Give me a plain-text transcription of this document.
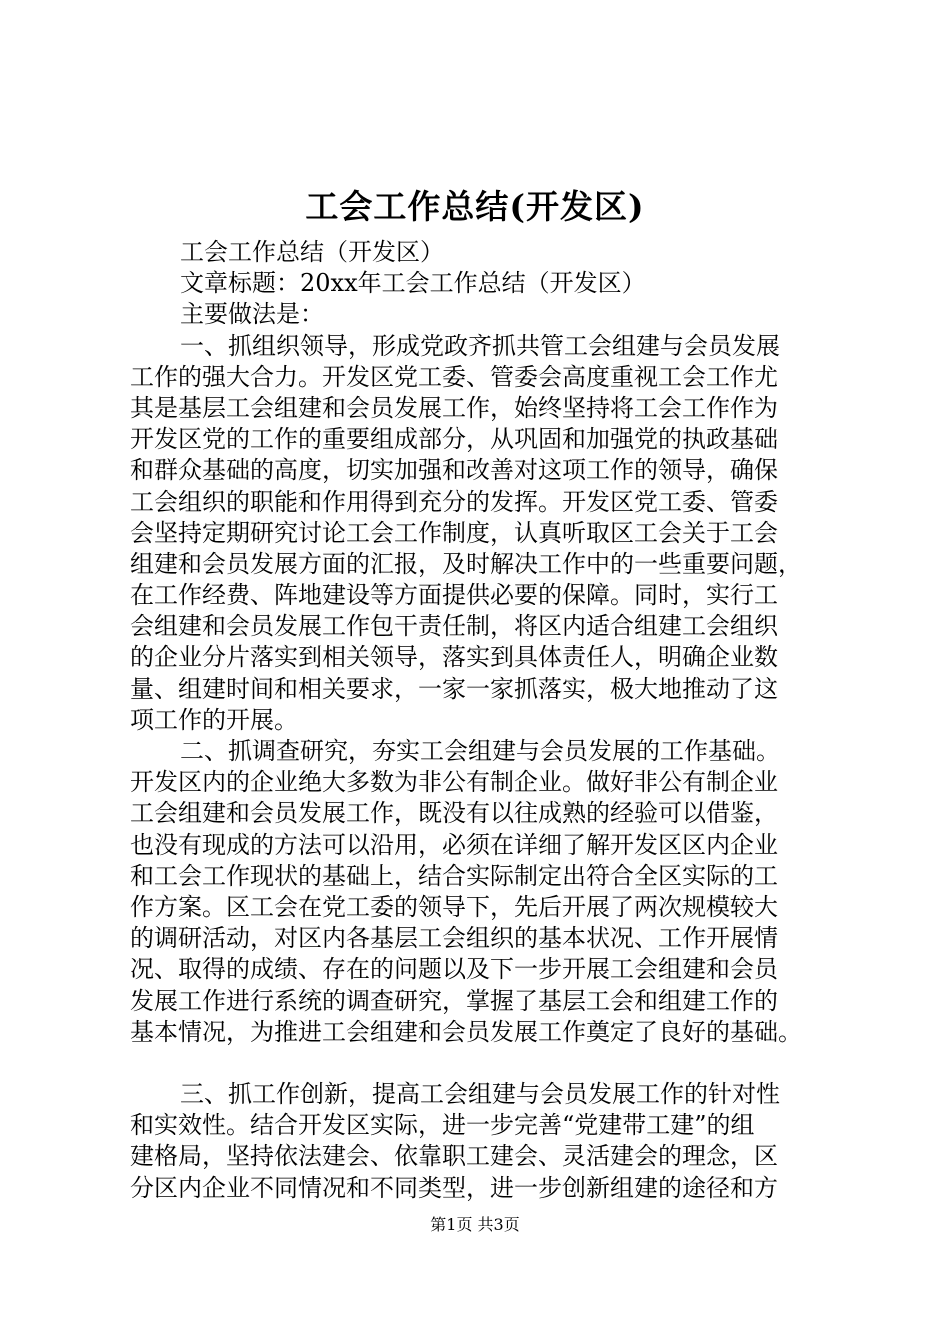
工会工作总结(开发区)
工会工作总结（开发区）
文章标题：20xx年工会工作总结（开发区）
主要做法是：
一、抓组织领导，形成党政齐抓共管工会组建与会员发展
工作的强大合力。开发区党工委、管委会高度重视工会工作尤
其是基层工会组建和会员发展工作，始终坚持将工会工作作为
开发区党的工作的重要组成部分，从巩固和加强党的执政基础
和群众基础的高度，切实加强和改善对这项工作的领导，确保
工会组织的职能和作用得到充分的发挥。开发区党工委、管委
会坚持定期研究讨论工会工作制度，认真听取区工会关于工会
组建和会员发展方面的汇报，及时解决工作中的一些重要问题，
在工作经费、阵地建设等方面提供必要的保障。同时，实行工
会组建和会员发展工作包干责任制，将区内适合组建工会组织
的企业分片落实到相关领导，落实到具体责任人，明确企业数
量、组建时间和相关要求，一家一家抓落实，极大地推动了这
项工作的开展。
二、抓调查研究，夯实工会组建与会员发展的工作基础。
开发区内的企业绝大多数为非公有制企业。做好非公有制企业
工会组建和会员发展工作，既没有以往成熟的经验可以借鉴，
也没有现成的方法可以沿用，必须在详细了解开发区区内企业
和工会工作现状的基础上，结合实际制定出符合全区实际的工
作方案。区工会在党工委的领导下，先后开展了两次规模较大
的调研活动，对区内各基层工会组织的基本状况、工作开展情
况、取得的成绩、存在的问题以及下一步开展工会组建和会员
发展工作进行系统的调查研究，掌握了基层工会和组建工作的
基本情况，为推进工会组建和会员发展工作奠定了良好的基础。
三、抓工作创新，提高工会组建与会员发展工作的针对性
和实效性。结合开发区实际，进一步完善“党建带工建”的组
建格局，坚持依法建会、依靠职工建会、灵活建会的理念，区
分区内企业不同情况和不同类型，进一步创新组建的途径和方
第1页 共3页
